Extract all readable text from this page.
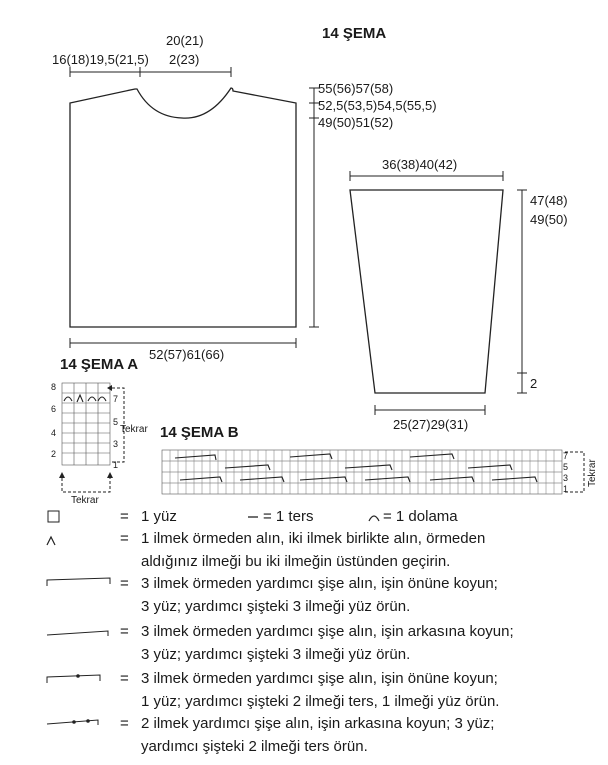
14 ŞEMA
20(21)
16(18)19,5(21,5) 2(23)
55(56)57(58)
52,5(53,5)54,5(55,5)
49(50)51(52)
52(57)61(66)
36(38)40(42)
47(48)
49(50)
2
25(27)29(31)
14 ŞEMA A
8
6
4
2
7
5
3
1
Tekrar
Tekrar
14 ŞEMA B
7
5
3
1
Tekrar
= 1 yüz	= 1 ters	= 1 dolama
= 1 ilmek örmeden alın, iki ilmek birlikte alın, örmeden
aldığınız ilmeği bu iki ilmeğin üstünden geçirin.
= 3 ilmek örmeden yardımcı şişe alın, işin önüne koyun;
3 yüz; yardımcı şişteki 3 ilmeği yüz örün.
= 3 ilmek örmeden yardımcı şişe alın, işin arkasına koyun;
3 yüz; yardımcı şişteki 3 ilmeği yüz örün.
= 3 ilmek örmeden yardımcı şişe alın, işin önüne koyun;
1 yüz; yardımcı şişteki 2 ilmeği ters, 1 ilmeği yüz örün.
= 2 ilmek yardımcı şişe alın, işin arkasına koyun; 3 yüz;
yardımcı şişteki 2 ilmeği ters örün.
